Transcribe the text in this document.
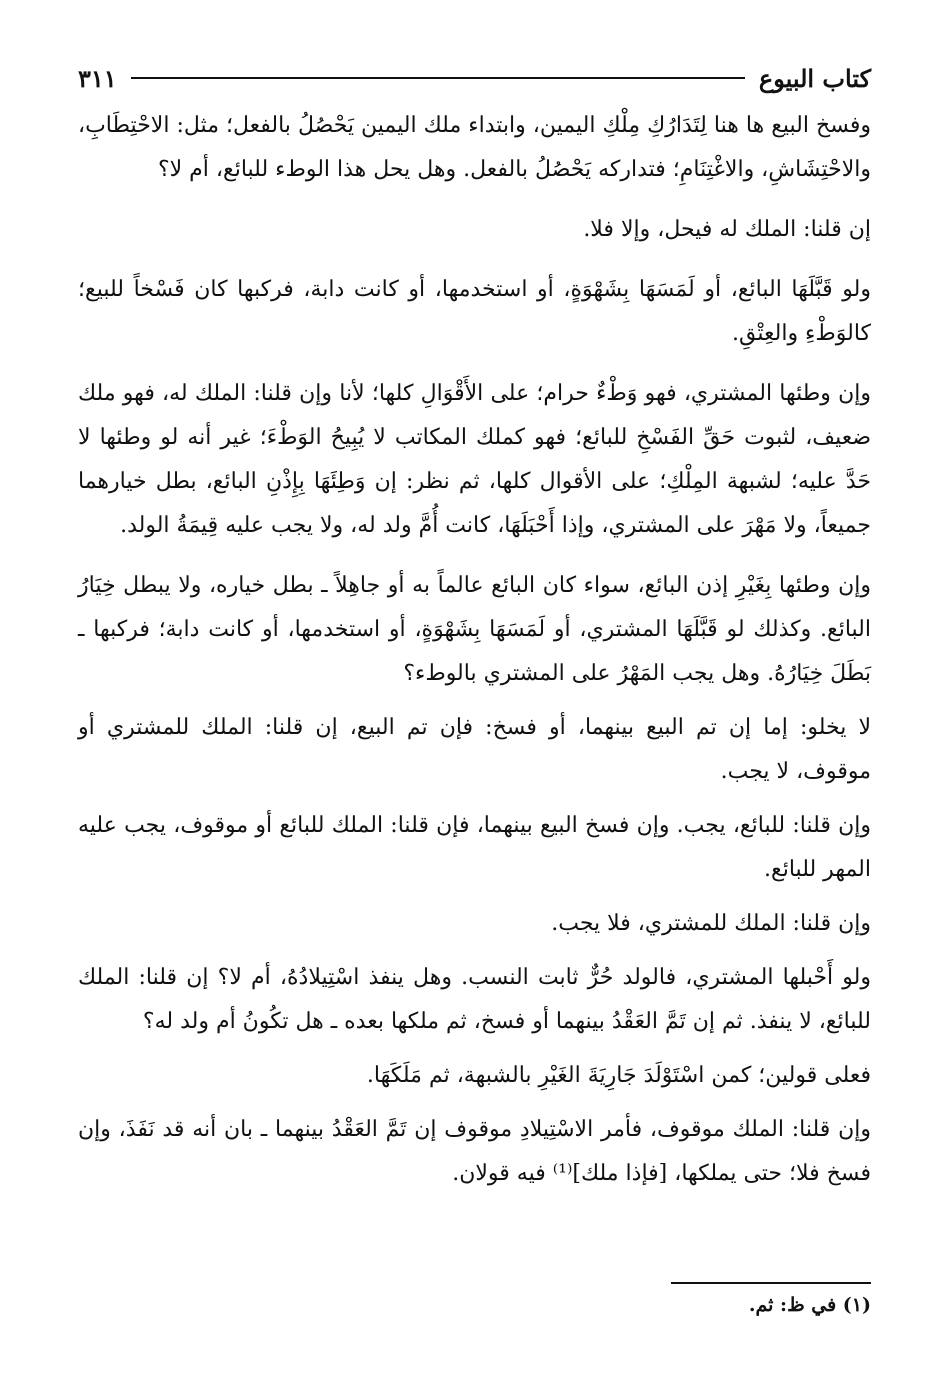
كتاب البيوع
٣١١

وفسخ البيع ها هنا لِتَدَارُكِ مِلْكِ اليمين، وابتداء ملك اليمين يَحْصُلُ بالفعل؛ مثل: الاحْتِطَابِ، والاحْتِشَاشِ، والاغْتِنَامِ؛ فتداركه يَحْصُلُ بالفعل. وهل يحل هذا الوطء للبائع، أم لا؟

إن قلنا: الملك له فيحل، وإلا فلا.

ولو قَبَّلَهَا البائع، أو لَمَسَهَا بِشَهْوَةٍ، أو استخدمها، أو كانت دابة، فركبها كان فَسْخاً للبيع؛ كالوَطْءِ والعِتْقِ.

وإن وطئها المشتري، فهو وَطْءٌ حرام؛ على الأَقْوَالِ كلها؛ لأنا وإن قلنا: الملك له، فهو ملك ضعيف، لثبوت حَقِّ الفَسْخِ للبائع؛ فهو كملك المكاتب لا يُبِيحُ الوَطْءَ؛ غير أنه لو وطئها لا حَدَّ عليه؛ لشبهة المِلْكِ؛ على الأقوال كلها، ثم نظر: إن وَطِئَهَا بِإِذْنِ البائع، بطل خيارهما جميعاً، ولا مَهْرَ على المشتري، وإذا أَحْبَلَهَا، كانت أُمَّ ولد له، ولا يجب عليه قِيمَةُ الولد.

وإن وطئها بِغَيْرِ إذن البائع، سواء كان البائع عالماً به أو جاهِلاً ـ بطل خياره، ولا يبطل خِيَارُ البائع. وكذلك لو قَبَّلَهَا المشتري، أو لَمَسَهَا بِشَهْوَةٍ، أو استخدمها، أو كانت دابة؛ فركبها ـ بَطَلَ خِيَارُهُ. وهل يجب المَهْرُ على المشتري بالوطء؟

لا يخلو: إما إن تم البيع بينهما، أو فسخ: فإن تم البيع، إن قلنا: الملك للمشتري أو موقوف، لا يجب.

وإن قلنا: للبائع، يجب. وإن فسخ البيع بينهما، فإن قلنا: الملك للبائع أو موقوف، يجب عليه المهر للبائع.

وإن قلنا: الملك للمشتري، فلا يجب.

ولو أَحْبلها المشتري، فالولد حُرٌّ ثابت النسب. وهل ينفذ اسْتِيلادُهُ، أم لا؟ إن قلنا: الملك للبائع، لا ينفذ. ثم إن تَمَّ العَقْدُ بينهما أو فسخ، ثم ملكها بعده ـ هل تكُونُ أم ولد له؟

فعلى قولين؛ كمن اسْتَوْلَدَ جَارِيَةَ الغَيْرِ بالشبهة، ثم مَلَكَهَا.

وإن قلنا: الملك موقوف، فأمر الاسْتِيلادِ موقوف إن تَمَّ العَقْدُ بينهما ـ بان أنه قد نَفَذَ، وإن فسخ فلا؛ حتى يملكها، [فإذا ملك]⁽¹⁾ فيه قولان.

(١) في ظ: ثم.
